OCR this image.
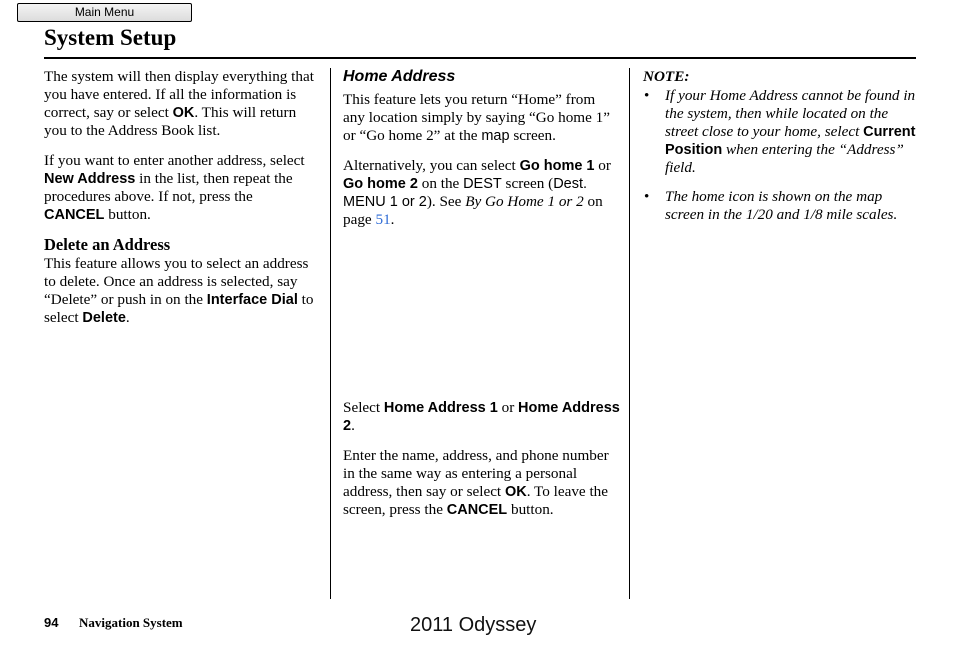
Main Menu
System Setup

The system will then display everything that you have entered. If all the information is correct, say or select OK. This will return you to the Address Book list.

If you want to enter another address, select New Address in the list, then repeat the procedures above. If not, press the CANCEL button.

Delete an Address

This feature allows you to select an address to delete. Once an address is selected, say “Delete” or push in on the Interface Dial to select Delete.

Home Address

This feature lets you return “Home” from any location simply by saying “Go home 1” or “Go home 2” at the map screen.

Alternatively, you can select Go home 1 or Go home 2 on the DEST screen (Dest. MENU 1 or 2). See By Go Home 1 or 2 on page 51.

Select Home Address 1 or Home Address 2.

Enter the name, address, and phone number in the same way as entering a personal address, then say or select OK. To leave the screen, press the CANCEL button.

NOTE:
• If your Home Address cannot be found in the system, then while located on the street close to your home, select Current Position when entering the “Address” field.
• The home icon is shown on the map screen in the 1/20 and 1/8 mile scales.
94 Navigation System	2011 Odyssey
